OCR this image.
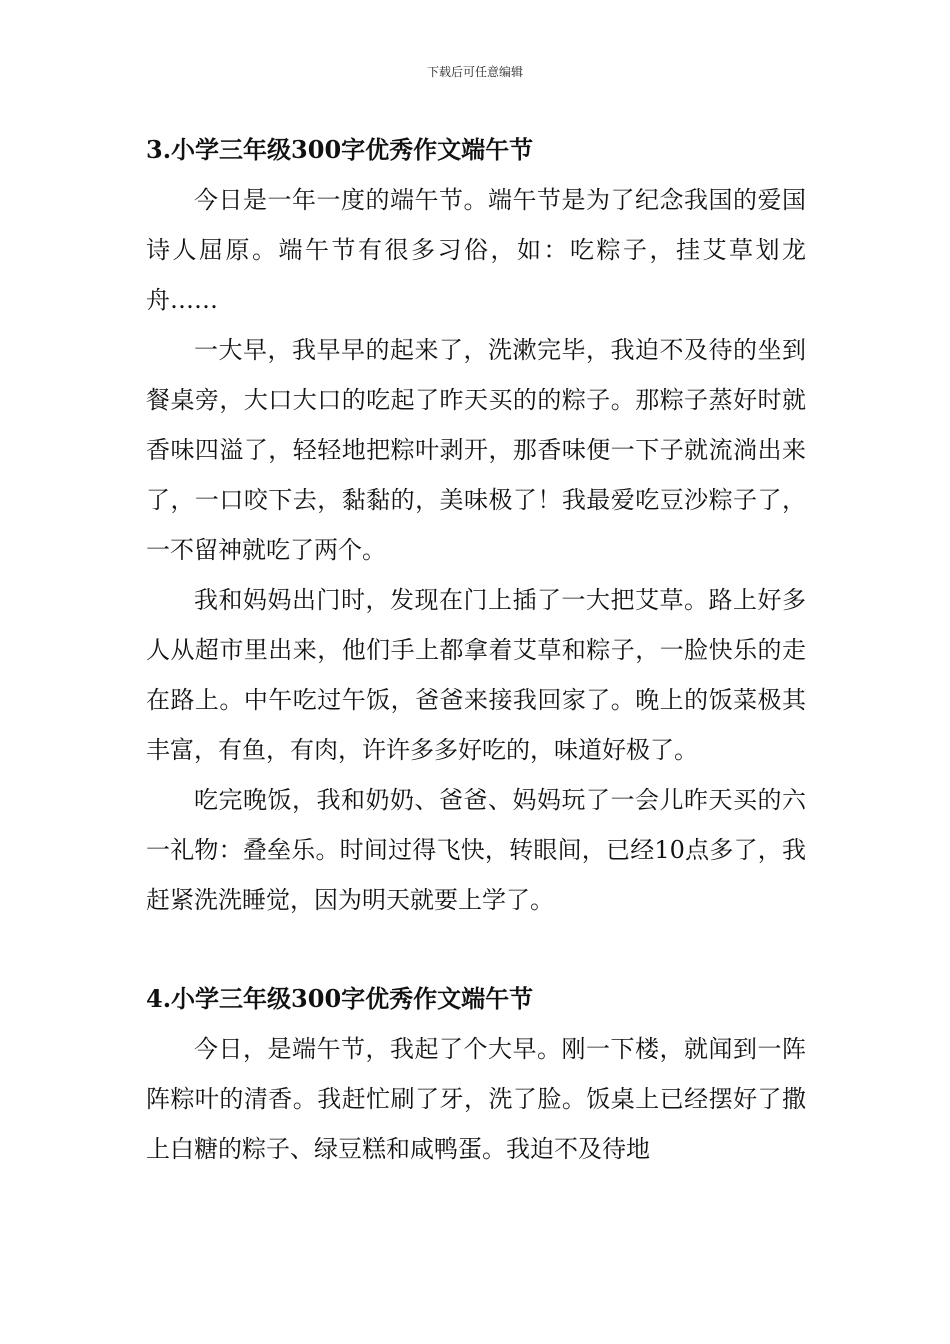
下载后可任意编辑
3.小学三年级300字优秀作文端午节

今日是一年一度的端午节。端午节是为了纪念我国的爱国诗人屈原。端午节有很多习俗，如：吃粽子，挂艾草划龙舟……

一大早，我早早的起来了，洗漱完毕，我迫不及待的坐到餐桌旁，大口大口的吃起了昨天买的的粽子。那粽子蒸好时就香味四溢了，轻轻地把粽叶剥开，那香味便一下子就流淌出来了，一口咬下去，黏黏的，美味极了！我最爱吃豆沙粽子了，一不留神就吃了两个。

我和妈妈出门时，发现在门上插了一大把艾草。路上好多人从超市里出来，他们手上都拿着艾草和粽子，一脸快乐的走在路上。中午吃过午饭，爸爸来接我回家了。晚上的饭菜极其丰富，有鱼，有肉，许许多多好吃的，味道好极了。

吃完晚饭，我和奶奶、爸爸、妈妈玩了一会儿昨天买的六一礼物：叠垒乐。时间过得飞快，转眼间，已经10点多了，我赶紧洗洗睡觉，因为明天就要上学了。

4.小学三年级300字优秀作文端午节

今日，是端午节，我起了个大早。刚一下楼，就闻到一阵阵粽叶的清香。我赶忙刷了牙，洗了脸。饭桌上已经摆好了撒上白糖的粽子、绿豆糕和咸鸭蛋。我迫不及待地
